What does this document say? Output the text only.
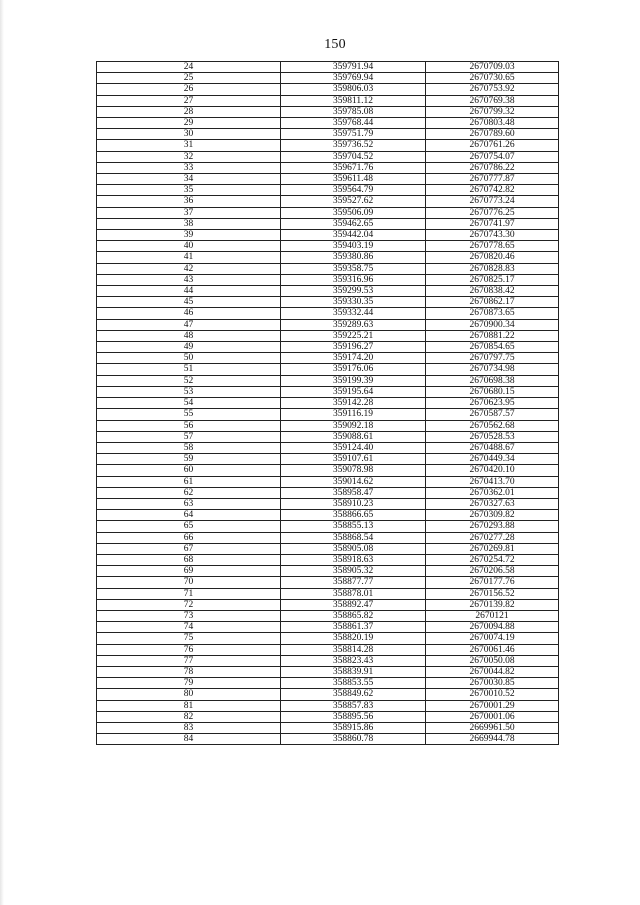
150
24	359791.94	2670709.03
25	359769.94	2670730.65
26	359806.03	2670753.92
27	359811.12	2670769.38
28	359785.08	2670799.32
29	359768.44	2670803.48
30	359751.79	2670789.60
31	359736.52	2670761.26
32	359704.52	2670754.07
33	359671.76	2670786.22
34	359611.48	2670777.87
35	359564.79	2670742.82
36	359527.62	2670773.24
37	359506.09	2670776.25
38	359462.65	2670741.97
39	359442.04	2670743.30
40	359403.19	2670778.65
41	359380.86	2670820.46
42	359358.75	2670828.83
43	359316.96	2670825.17
44	359299.53	2670838.42
45	359330.35	2670862.17
46	359332.44	2670873.65
47	359289.63	2670900.34
48	359225.21	2670881.22
49	359196.27	2670854.65
50	359174.20	2670797.75
51	359176.06	2670734.98
52	359199.39	2670698.38
53	359195.64	2670680.15
54	359142.28	2670623.95
55	359116.19	2670587.57
56	359092.18	2670562.68
57	359088.61	2670528.53
58	359124.40	2670488.67
59	359107.61	2670449.34
60	359078.98	2670420.10
61	359014.62	2670413.70
62	358958.47	2670362.01
63	358910.23	2670327.63
64	358866.65	2670309.82
65	358855.13	2670293.88
66	358868.54	2670277.28
67	358905.08	2670269.81
68	358918.63	2670254.72
69	358905.32	2670206.58
70	358877.77	2670177.76
71	358878.01	2670156.52
72	358892.47	2670139.82
73	358865.82	2670121
74	358861.37	2670094.88
75	358820.19	2670074.19
76	358814.28	2670061.46
77	358823.43	2670050.08
78	358839.91	2670044.82
79	358853.55	2670030.85
80	358849.62	2670010.52
81	358857.83	2670001.29
82	358895.56	2670001.06
83	358915.86	2669961.50
84	358860.78	2669944.78
